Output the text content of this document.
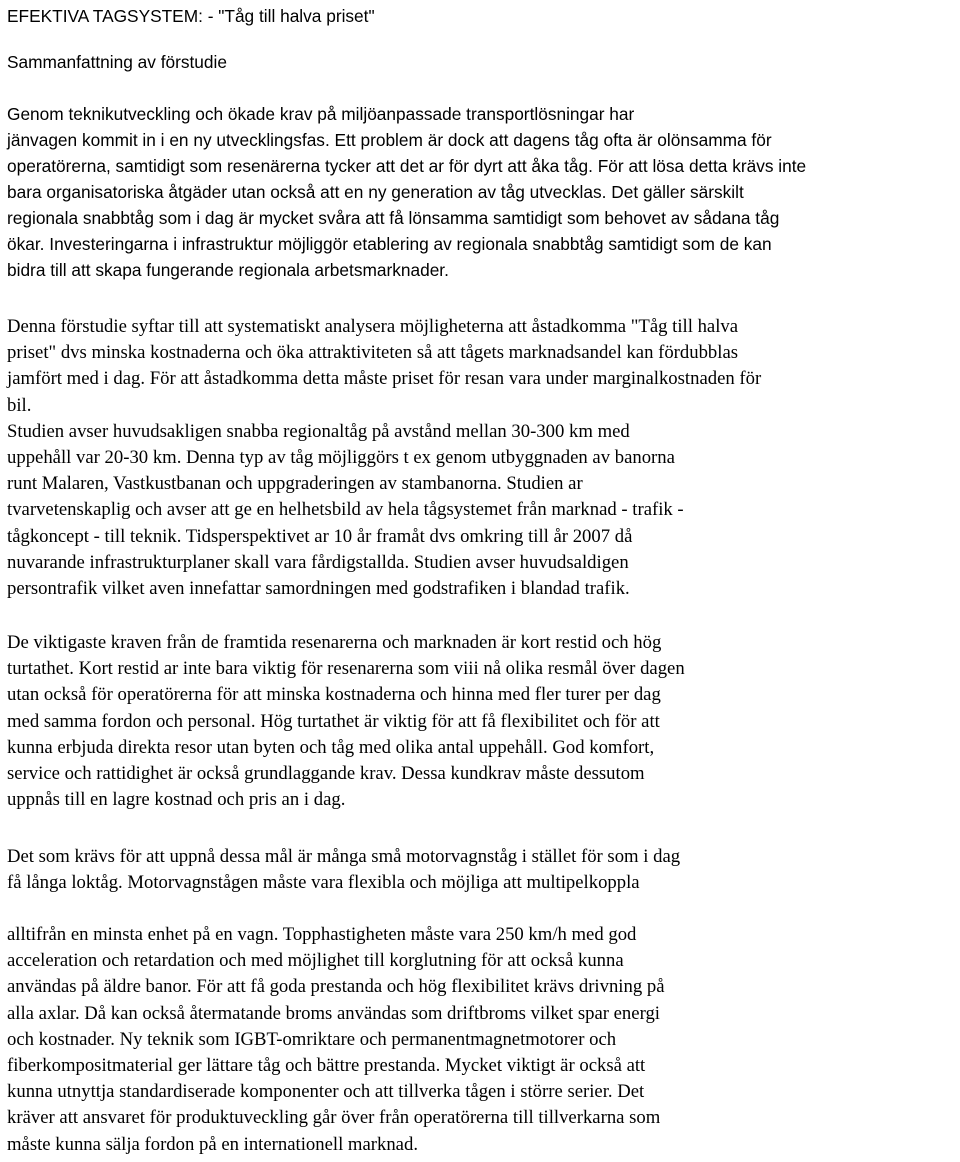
EFEKTIVA TAGSYSTEM: - "Tåg till halva priset"
Sammanfattning av förstudie
Genom teknikutveckling och ökade krav på miljöanpassade transportlösningar har
jänvagen kommit in i en ny utvecklingsfas. Ett problem är dock att dagens tåg ofta är olönsamma för
operatörerna, samtidigt som resenärerna tycker att det ar för dyrt att åka tåg. För att lösa detta krävs inte
bara organisatoriska åtgäder utan också att en ny generation av tåg utvecklas. Det gäller särskilt
regionala snabbtåg som i dag är mycket svåra att få lönsamma samtidigt som behovet av sådana tåg
ökar. Investeringarna i infrastruktur möjliggör etablering av regionala snabbtåg samtidigt som de kan
bidra till att skapa fungerande regionala arbetsmarknader.
Denna förstudie syftar till att systematiskt analysera möjligheterna att åstadkomma "Tåg till halva
priset" dvs minska kostnaderna och öka attraktiviteten så att tågets marknadsandel kan fördubblas
jamfört med i dag. För att åstadkomma detta måste priset för resan vara under marginalkostnaden för
bil.
Studien avser huvudsakligen snabba regionaltåg på avstånd mellan 30-300 km med
uppehåll var 20-30 km. Denna typ av tåg möjliggörs t ex genom utbyggnaden av banorna
runt Malaren, Vastkustbanan och uppgraderingen av stambanorna. Studien ar
tvarvetenskaplig och avser att ge en helhetsbild av hela tågsystemet från marknad - trafik -
tågkoncept - till teknik. Tidsperspektivet ar 10 år framåt dvs omkring till år 2007 då
nuvarande infrastrukturplaner skall vara fårdigstallda. Studien avser huvudsaldigen
persontrafik vilket aven innefattar samordningen med godstrafiken i blandad trafik.
De viktigaste kraven från de framtida resenarerna och marknaden är kort restid och hög
turtathet. Kort restid ar inte bara viktig för resenarerna som viii nå olika resmål över dagen
utan också för operatörerna för att minska kostnaderna och hinna med fler turer per dag
med samma fordon och personal. Hög turtathet är viktig för att få flexibilitet och för att
kunna erbjuda direkta resor utan byten och tåg med olika antal uppehåll. God komfort,
service och rattidighet är också grundlaggande krav. Dessa kundkrav måste dessutom
uppnås till en lagre kostnad och pris an i dag.
Det som krävs för att uppnå dessa mål är många små motorvagnståg i stället för som i dag
få långa loktåg. Motorvagnstågen måste vara flexibla och möjliga att multipelkoppla
alltifrån en minsta enhet på en vagn. Topphastigheten måste vara 250 km/h med god
acceleration och retardation och med möjlighet till korglutning för att också kunna
användas på äldre banor. För att få goda prestanda och hög flexibilitet krävs drivning på
alla axlar. Då kan också återmatande broms användas som driftbroms vilket spar energi
och kostnader. Ny teknik som IGBT-omriktare och permanentmagnetmotorer och
fiberkompositmaterial ger lättare tåg och bättre prestanda. Mycket viktigt är också att
kunna utnyttja standardiserade komponenter och att tillverka tågen i större serier. Det
kräver att ansvaret för produktuveckling går över från operatörerna till tillverkarna som
måste kunna sälja fordon på en internationell marknad.
